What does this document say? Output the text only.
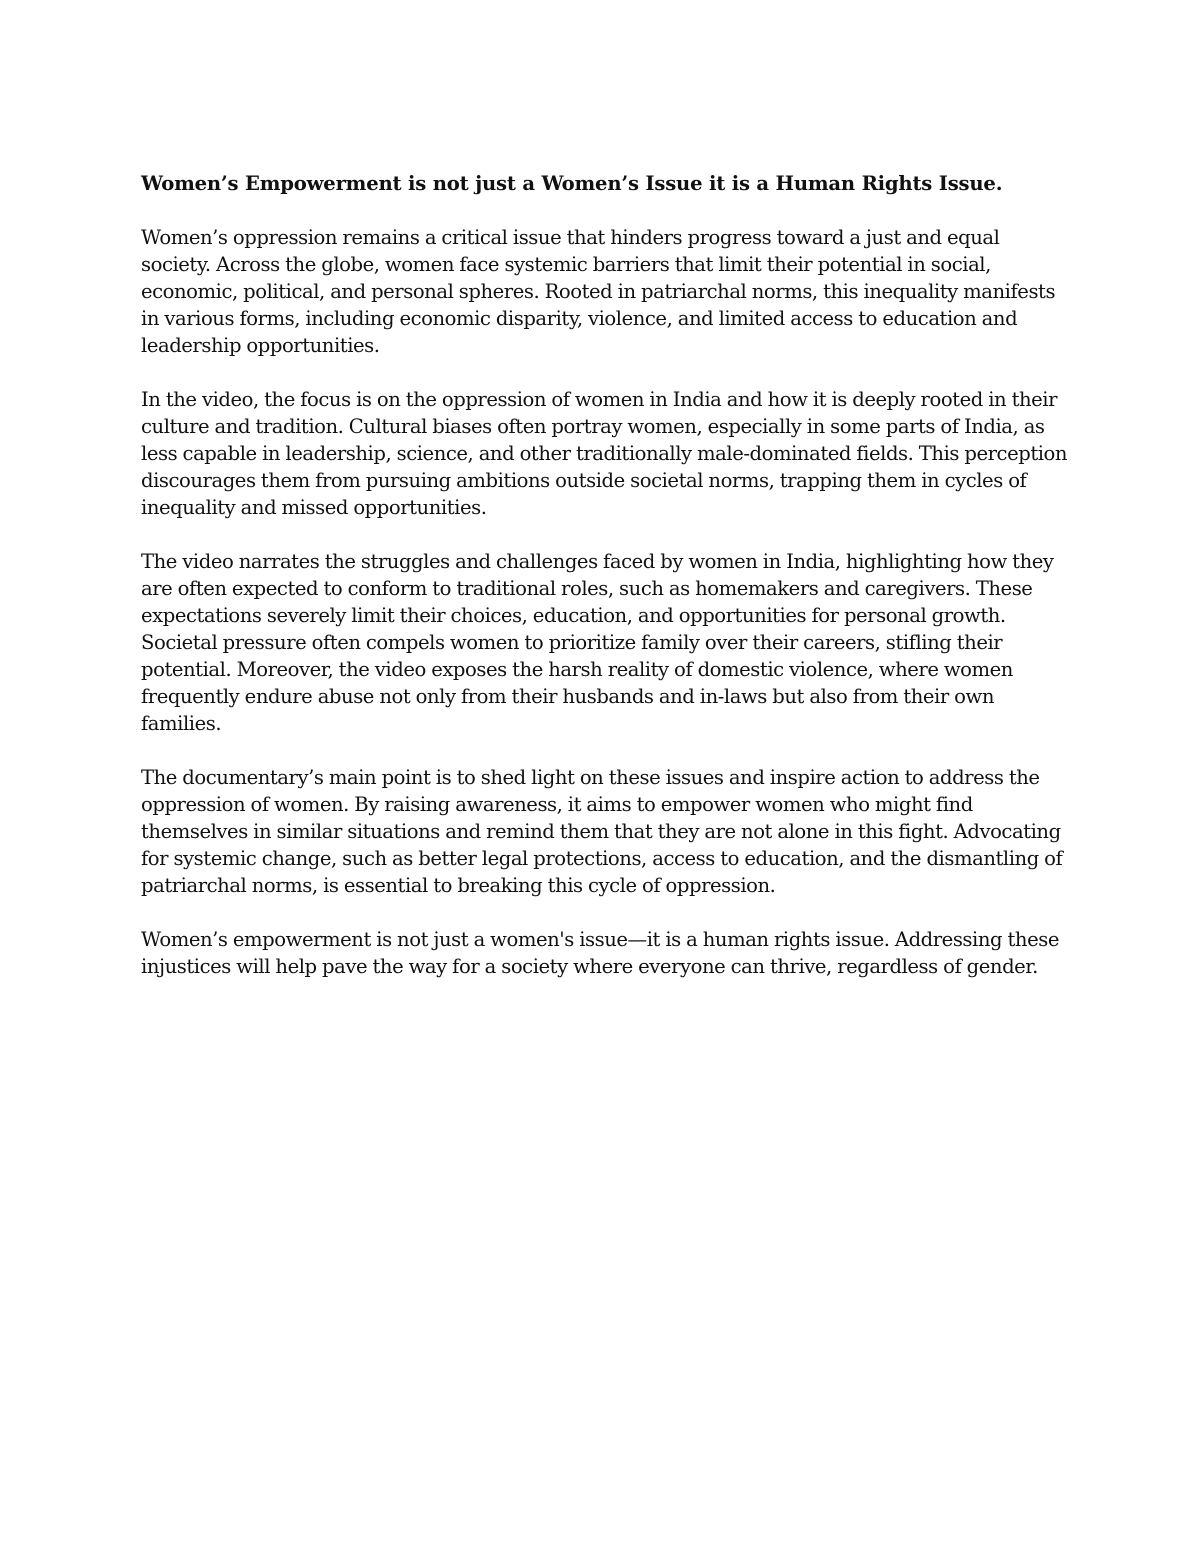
Women’s Empowerment is not just a Women’s Issue it is a Human Rights Issue.

Women’s oppression remains a critical issue that hinders progress toward a just and equal
society. Across the globe, women face systemic barriers that limit their potential in social,
economic, political, and personal spheres. Rooted in patriarchal norms, this inequality manifests
in various forms, including economic disparity, violence, and limited access to education and
leadership opportunities.

In the video, the focus is on the oppression of women in India and how it is deeply rooted in their
culture and tradition. Cultural biases often portray women, especially in some parts of India, as
less capable in leadership, science, and other traditionally male-dominated fields. This perception
discourages them from pursuing ambitions outside societal norms, trapping them in cycles of
inequality and missed opportunities.

The video narrates the struggles and challenges faced by women in India, highlighting how they
are often expected to conform to traditional roles, such as homemakers and caregivers. These
expectations severely limit their choices, education, and opportunities for personal growth.
Societal pressure often compels women to prioritize family over their careers, stifling their
potential. Moreover, the video exposes the harsh reality of domestic violence, where women
frequently endure abuse not only from their husbands and in-laws but also from their own
families.

The documentary’s main point is to shed light on these issues and inspire action to address the
oppression of women. By raising awareness, it aims to empower women who might find
themselves in similar situations and remind them that they are not alone in this fight. Advocating
for systemic change, such as better legal protections, access to education, and the dismantling of
patriarchal norms, is essential to breaking this cycle of oppression.

Women’s empowerment is not just a women's issue—it is a human rights issue. Addressing these
injustices will help pave the way for a society where everyone can thrive, regardless of gender.
